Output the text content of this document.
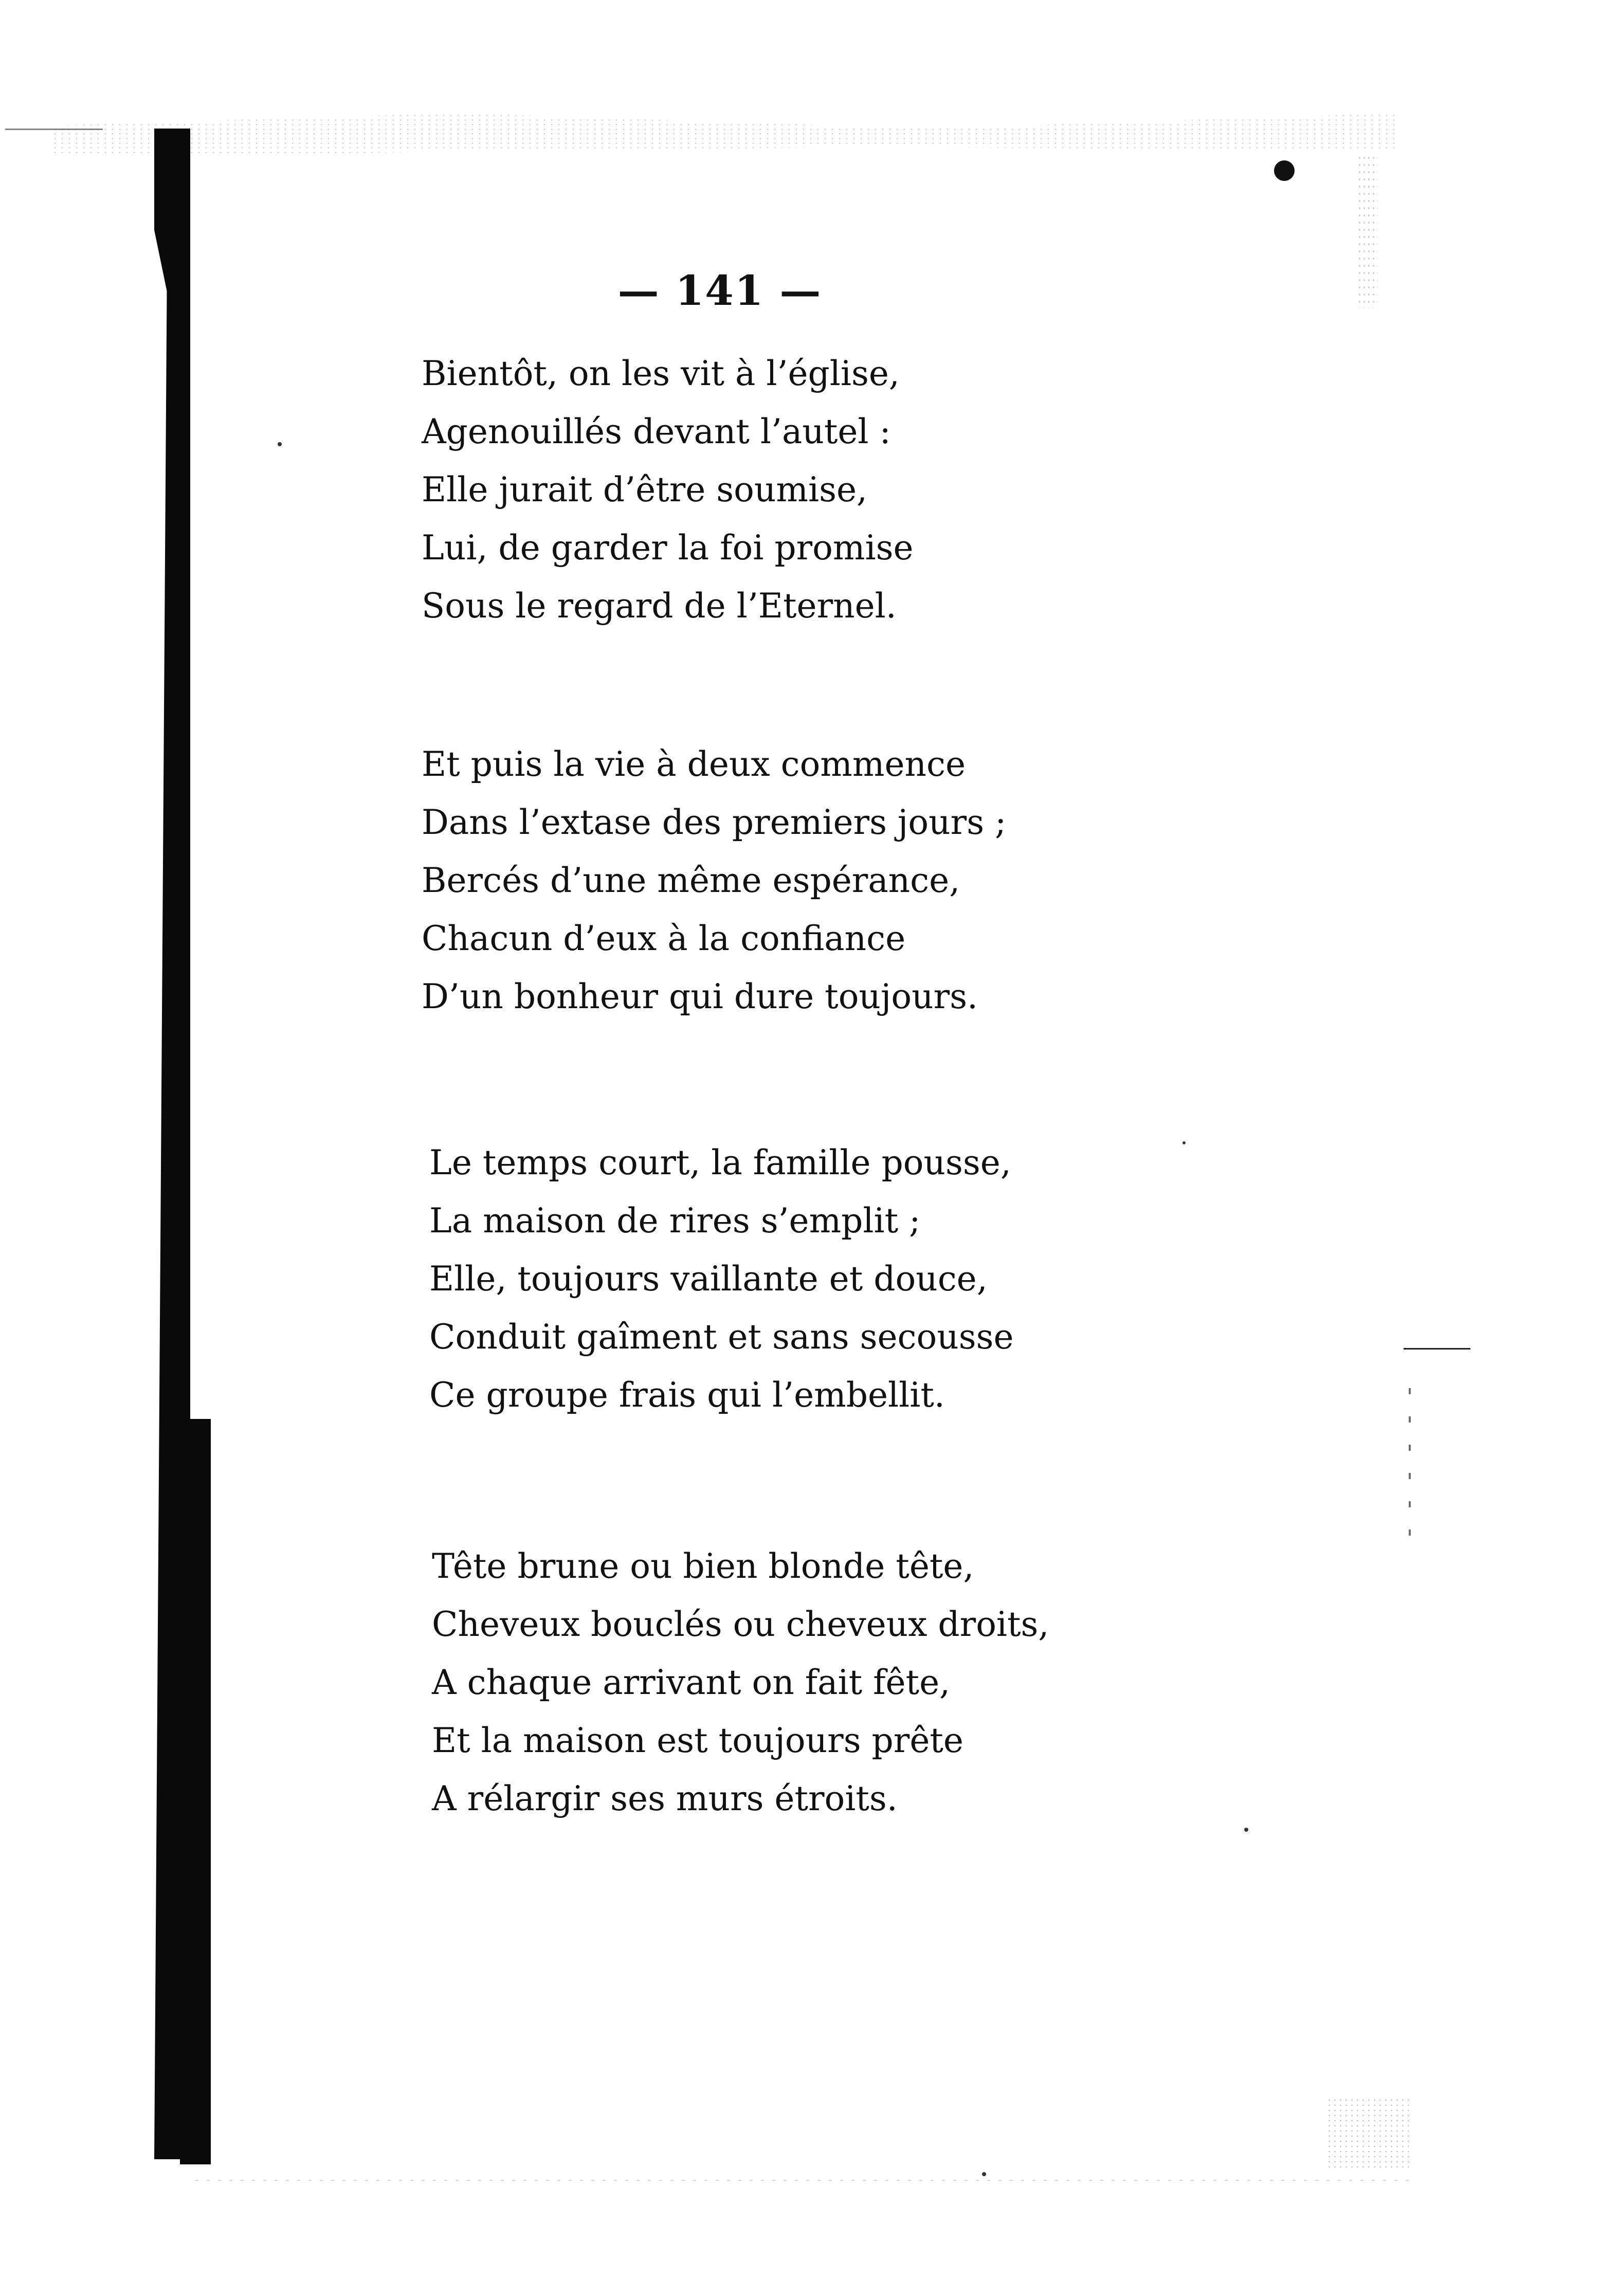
— 141 —
Bientôt, on les vit à l’église,
Agenouillés devant l’autel :
Elle jurait d’être soumise,
Lui, de garder la foi promise
Sous le regard de l’Eternel.
Et puis la vie à deux commence
Dans l’extase des premiers jours ;
Bercés d’une même espérance,
Chacun d’eux à la confiance
D’un bonheur qui dure toujours.
Le temps court, la famille pousse,
La maison de rires s’emplit ;
Elle, toujours vaillante et douce,
Conduit gaîment et sans secousse
Ce groupe frais qui l’embellit.
Tête brune ou bien blonde tête,
Cheveux bouclés ou cheveux droits,
A chaque arrivant on fait fête,
Et la maison est toujours prête
A rélargir ses murs étroits.
